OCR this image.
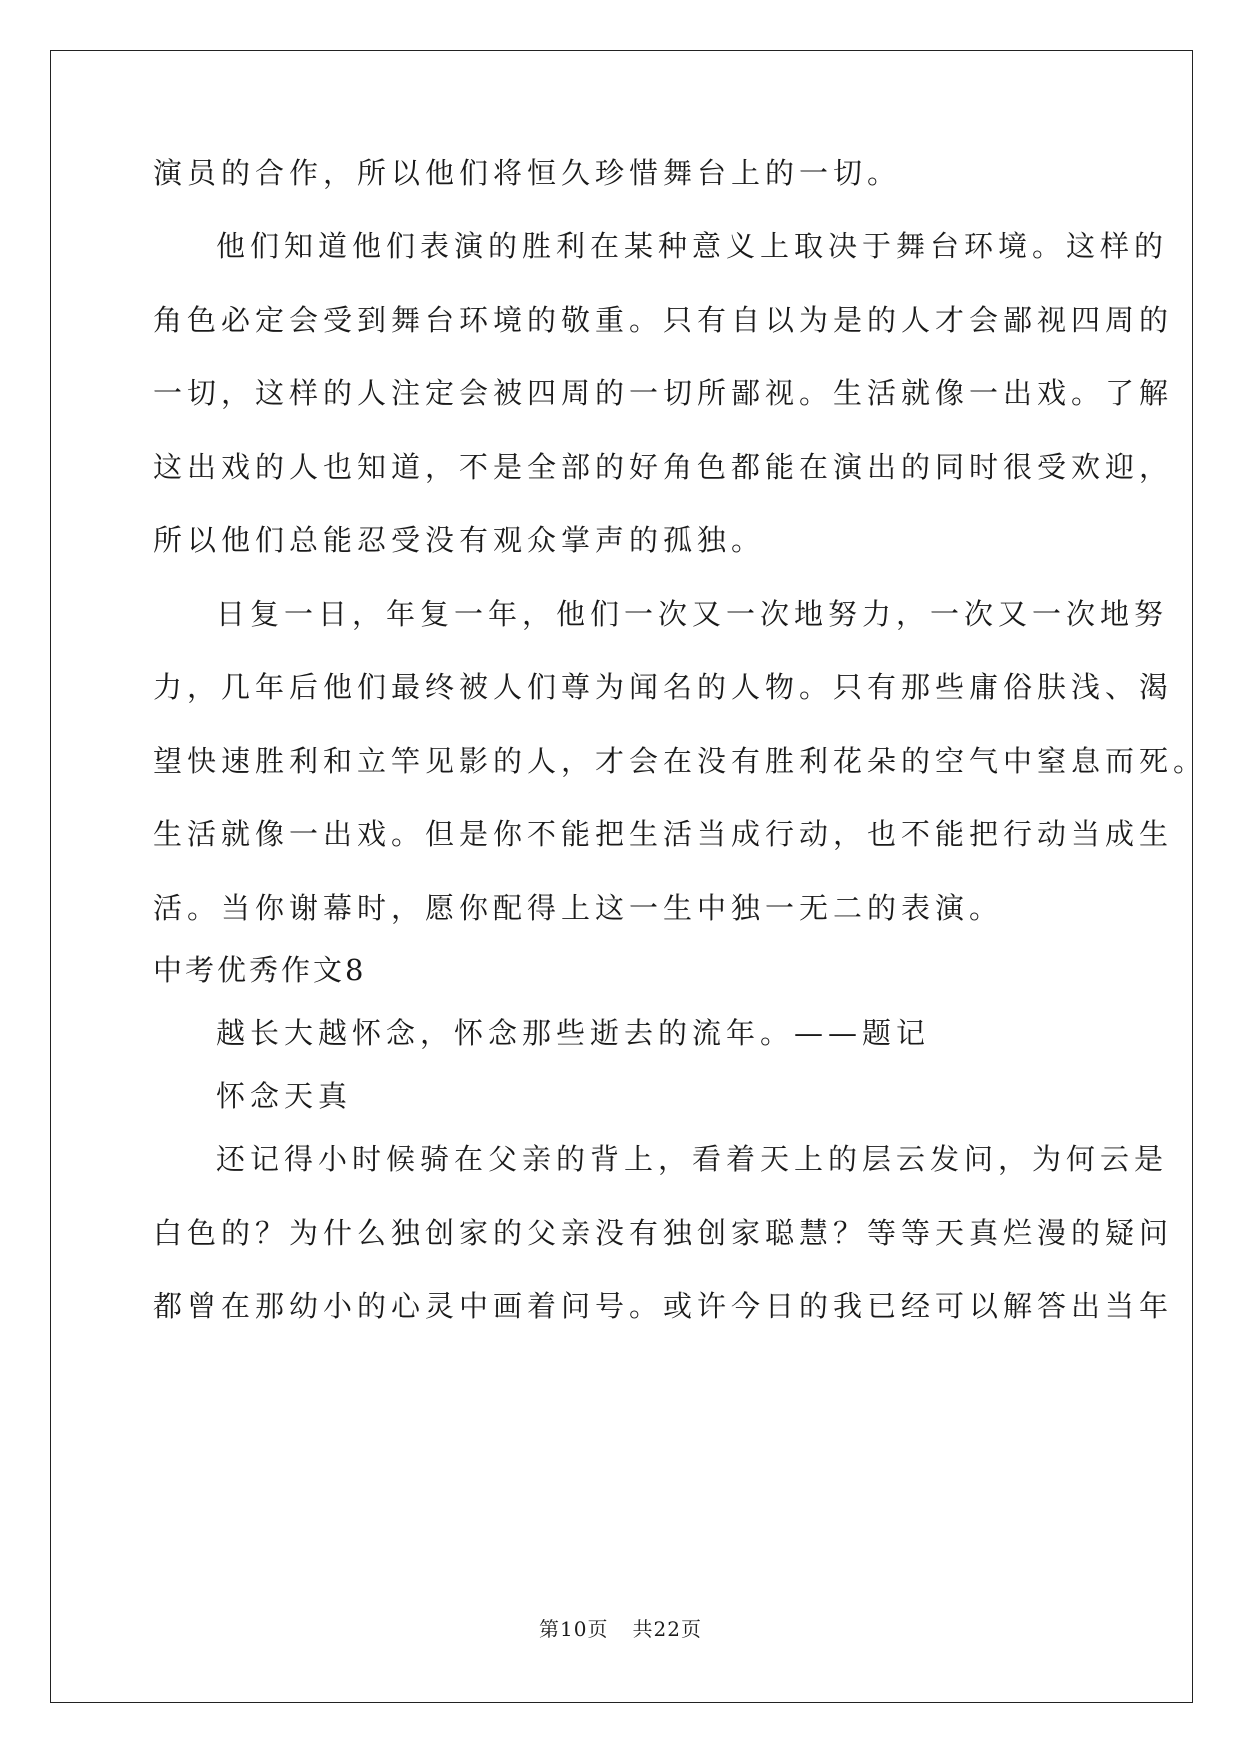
演员的合作，所以他们将恒久珍惜舞台上的一切。
他们知道他们表演的胜利在某种意义上取决于舞台环境。这样的
角色必定会受到舞台环境的敬重。只有自以为是的人才会鄙视四周的
一切，这样的人注定会被四周的一切所鄙视。生活就像一出戏。了解
这出戏的人也知道，不是全部的好角色都能在演出的同时很受欢迎，
所以他们总能忍受没有观众掌声的孤独。
日复一日，年复一年，他们一次又一次地努力，一次又一次地努
力，几年后他们最终被人们尊为闻名的人物。只有那些庸俗肤浅、渴
望快速胜利和立竿见影的人，才会在没有胜利花朵的空气中窒息而死。
生活就像一出戏。但是你不能把生活当成行动，也不能把行动当成生
活。当你谢幕时，愿你配得上这一生中独一无二的表演。
中考优秀作文8
越长大越怀念，怀念那些逝去的流年。——题记
怀念天真
还记得小时候骑在父亲的背上，看着天上的层云发问，为何云是
白色的？为什么独创家的父亲没有独创家聪慧？等等天真烂漫的疑问
都曾在那幼小的心灵中画着问号。或许今日的我已经可以解答出当年
第10页 共22页
